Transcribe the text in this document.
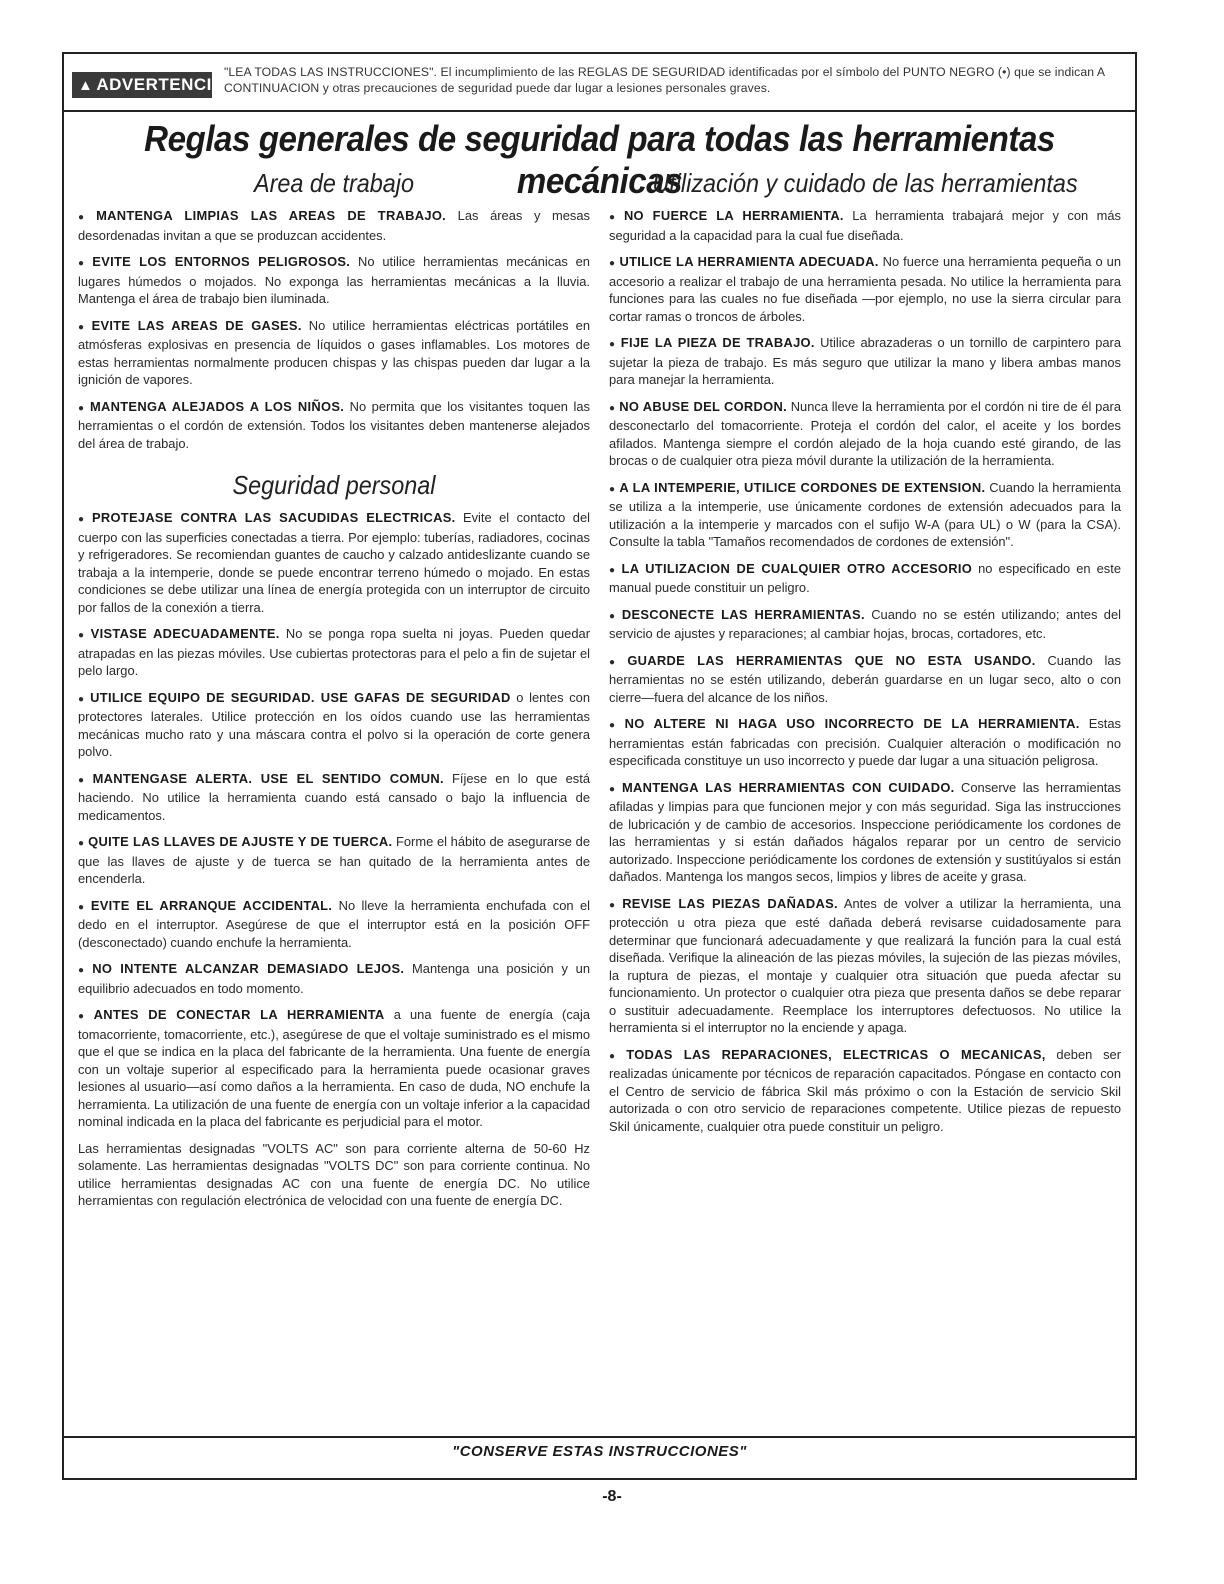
▲ ADVERTENCIA
"LEA TODAS LAS INSTRUCCIONES". El incumplimiento de las REGLAS DE SEGURIDAD identificadas por el símbolo del PUNTO NEGRO (•) que se indican A CONTINUACION y otras precauciones de seguridad puede dar lugar a lesiones personales graves.
Reglas generales de seguridad para todas las herramientas mecánicas
Area de trabajo

● MANTENGA LIMPIAS LAS AREAS DE TRABAJO. Las áreas y mesas desordenadas invitan a que se produzcan accidentes.

● EVITE LOS ENTORNOS PELIGROSOS. No utilice herramientas mecánicas en lugares húmedos o mojados. No exponga las herramientas mecánicas a la lluvia. Mantenga el área de trabajo bien iluminada.

● EVITE LAS AREAS DE GASES. No utilice herramientas eléctricas portátiles en atmósferas explosivas en presencia de líquidos o gases inflamables. Los motores de estas herramientas normalmente producen chispas y las chispas pueden dar lugar a la ignición de vapores.

● MANTENGA ALEJADOS A LOS NIÑOS. No permita que los visitantes toquen las herramientas o el cordón de extensión. Todos los visitantes deben mantenerse alejados del área de trabajo.

Seguridad personal

● PROTEJASE CONTRA LAS SACUDIDAS ELECTRICAS. Evite el contacto del cuerpo con las superficies conectadas a tierra. Por ejemplo: tuberías, radiadores, cocinas y refrigeradores. Se recomiendan guantes de caucho y calzado antideslizante cuando se trabaja a la intemperie, donde se puede encontrar terreno húmedo o mojado. En estas condiciones se debe utilizar una línea de energía protegida con un interruptor de circuito por fallos de la conexión a tierra.

● VISTASE ADECUADAMENTE. No se ponga ropa suelta ni joyas. Pueden quedar atrapadas en las piezas móviles. Use cubiertas protectoras para el pelo a fin de sujetar el pelo largo.

● UTILICE EQUIPO DE SEGURIDAD. USE GAFAS DE SEGURIDAD o lentes con protectores laterales. Utilice protección en los oídos cuando use las herramientas mecánicas mucho rato y una máscara contra el polvo si la operación de corte genera polvo.

● MANTENGASE ALERTA. USE EL SENTIDO COMUN. Fíjese en lo que está haciendo. No utilice la herramienta cuando está cansado o bajo la influencia de medicamentos.

● QUITE LAS LLAVES DE AJUSTE Y DE TUERCA. Forme el hábito de asegurarse de que las llaves de ajuste y de tuerca se han quitado de la herramienta antes de encenderla.

● EVITE EL ARRANQUE ACCIDENTAL. No lleve la herramienta enchufada con el dedo en el interruptor. Asegúrese de que el interruptor está en la posición OFF (desconectado) cuando enchufe la herramienta.

● NO INTENTE ALCANZAR DEMASIADO LEJOS. Mantenga una posición y un equilibrio adecuados en todo momento.

● ANTES DE CONECTAR LA HERRAMIENTA a una fuente de energía (caja tomacorriente, tomacorriente, etc.), asegúrese de que el voltaje suministrado es el mismo que el que se indica en la placa del fabricante de la herramienta. Una fuente de energía con un voltaje superior al especificado para la herramienta puede ocasionar graves lesiones al usuario—así como daños a la herramienta. En caso de duda, NO enchufe la herramienta. La utilización de una fuente de energía con un voltaje inferior a la capacidad nominal indicada en la placa del fabricante es perjudicial para el motor.

Las herramientas designadas "VOLTS AC" son para corriente alterna de 50-60 Hz solamente. Las herramientas designadas "VOLTS DC" son para corriente continua. No utilice herramientas designadas AC con una fuente de energía DC. No utilice herramientas con regulación electrónica de velocidad con una fuente de energía DC.

Utilización y cuidado de las herramientas

● NO FUERCE LA HERRAMIENTA. La herramienta trabajará mejor y con más seguridad a la capacidad para la cual fue diseñada.

● UTILICE LA HERRAMIENTA ADECUADA. No fuerce una herramienta pequeña o un accesorio a realizar el trabajo de una herramienta pesada. No utilice la herramienta para funciones para las cuales no fue diseñada —por ejemplo, no use la sierra circular para cortar ramas o troncos de árboles.

● FIJE LA PIEZA DE TRABAJO. Utilice abrazaderas o un tornillo de carpintero para sujetar la pieza de trabajo. Es más seguro que utilizar la mano y libera ambas manos para manejar la herramienta.

● NO ABUSE DEL CORDON. Nunca lleve la herramienta por el cordón ni tire de él para desconectarlo del tomacorriente. Proteja el cordón del calor, el aceite y los bordes afilados. Mantenga siempre el cordón alejado de la hoja cuando esté girando, de las brocas o de cualquier otra pieza móvil durante la utilización de la herramienta.

● A LA INTEMPERIE, UTILICE CORDONES DE EXTENSION. Cuando la herramienta se utiliza a la intemperie, use únicamente cordones de extensión adecuados para la utilización a la intemperie y marcados con el sufijo W-A (para UL) o W (para la CSA). Consulte la tabla "Tamaños recomendados de cordones de extensión".

● LA UTILIZACION DE CUALQUIER OTRO ACCESORIO no especificado en este manual puede constituir un peligro.

● DESCONECTE LAS HERRAMIENTAS. Cuando no se estén utilizando; antes del servicio de ajustes y reparaciones; al cambiar hojas, brocas, cortadores, etc.

● GUARDE LAS HERRAMIENTAS QUE NO ESTA USANDO. Cuando las herramientas no se estén utilizando, deberán guardarse en un lugar seco, alto o con cierre—fuera del alcance de los niños.

● NO ALTERE NI HAGA USO INCORRECTO DE LA HERRAMIENTA. Estas herramientas están fabricadas con precisión. Cualquier alteración o modificación no especificada constituye un uso incorrecto y puede dar lugar a una situación peligrosa.

● MANTENGA LAS HERRAMIENTAS CON CUIDADO. Conserve las herramientas afiladas y limpias para que funcionen mejor y con más seguridad. Siga las instrucciones de lubricación y de cambio de accesorios. Inspeccione periódicamente los cordones de las herramientas y si están dañados hágalos reparar por un centro de servicio autorizado. Inspeccione periódicamente los cordones de extensión y sustitúyalos si están dañados. Mantenga los mangos secos, limpios y libres de aceite y grasa.

● REVISE LAS PIEZAS DAÑADAS. Antes de volver a utilizar la herramienta, una protección u otra pieza que esté dañada deberá revisarse cuidadosamente para determinar que funcionará adecuadamente y que realizará la función para la cual está diseñada. Verifique la alineación de las piezas móviles, la sujeción de las piezas móviles, la ruptura de piezas, el montaje y cualquier otra situación que pueda afectar su funcionamiento. Un protector o cualquier otra pieza que presenta daños se debe reparar o sustituir adecuadamente. Reemplace los interruptores defectuosos. No utilice la herramienta si el interruptor no la enciende y apaga.

● TODAS LAS REPARACIONES, ELECTRICAS O MECANICAS, deben ser realizadas únicamente por técnicos de reparación capacitados. Póngase en contacto con el Centro de servicio de fábrica Skil más próximo o con la Estación de servicio Skil autorizada o con otro servicio de reparaciones competente. Utilice piezas de repuesto Skil únicamente, cualquier otra puede constituir un peligro.

"CONSERVE ESTAS INSTRUCCIONES"
-8-
